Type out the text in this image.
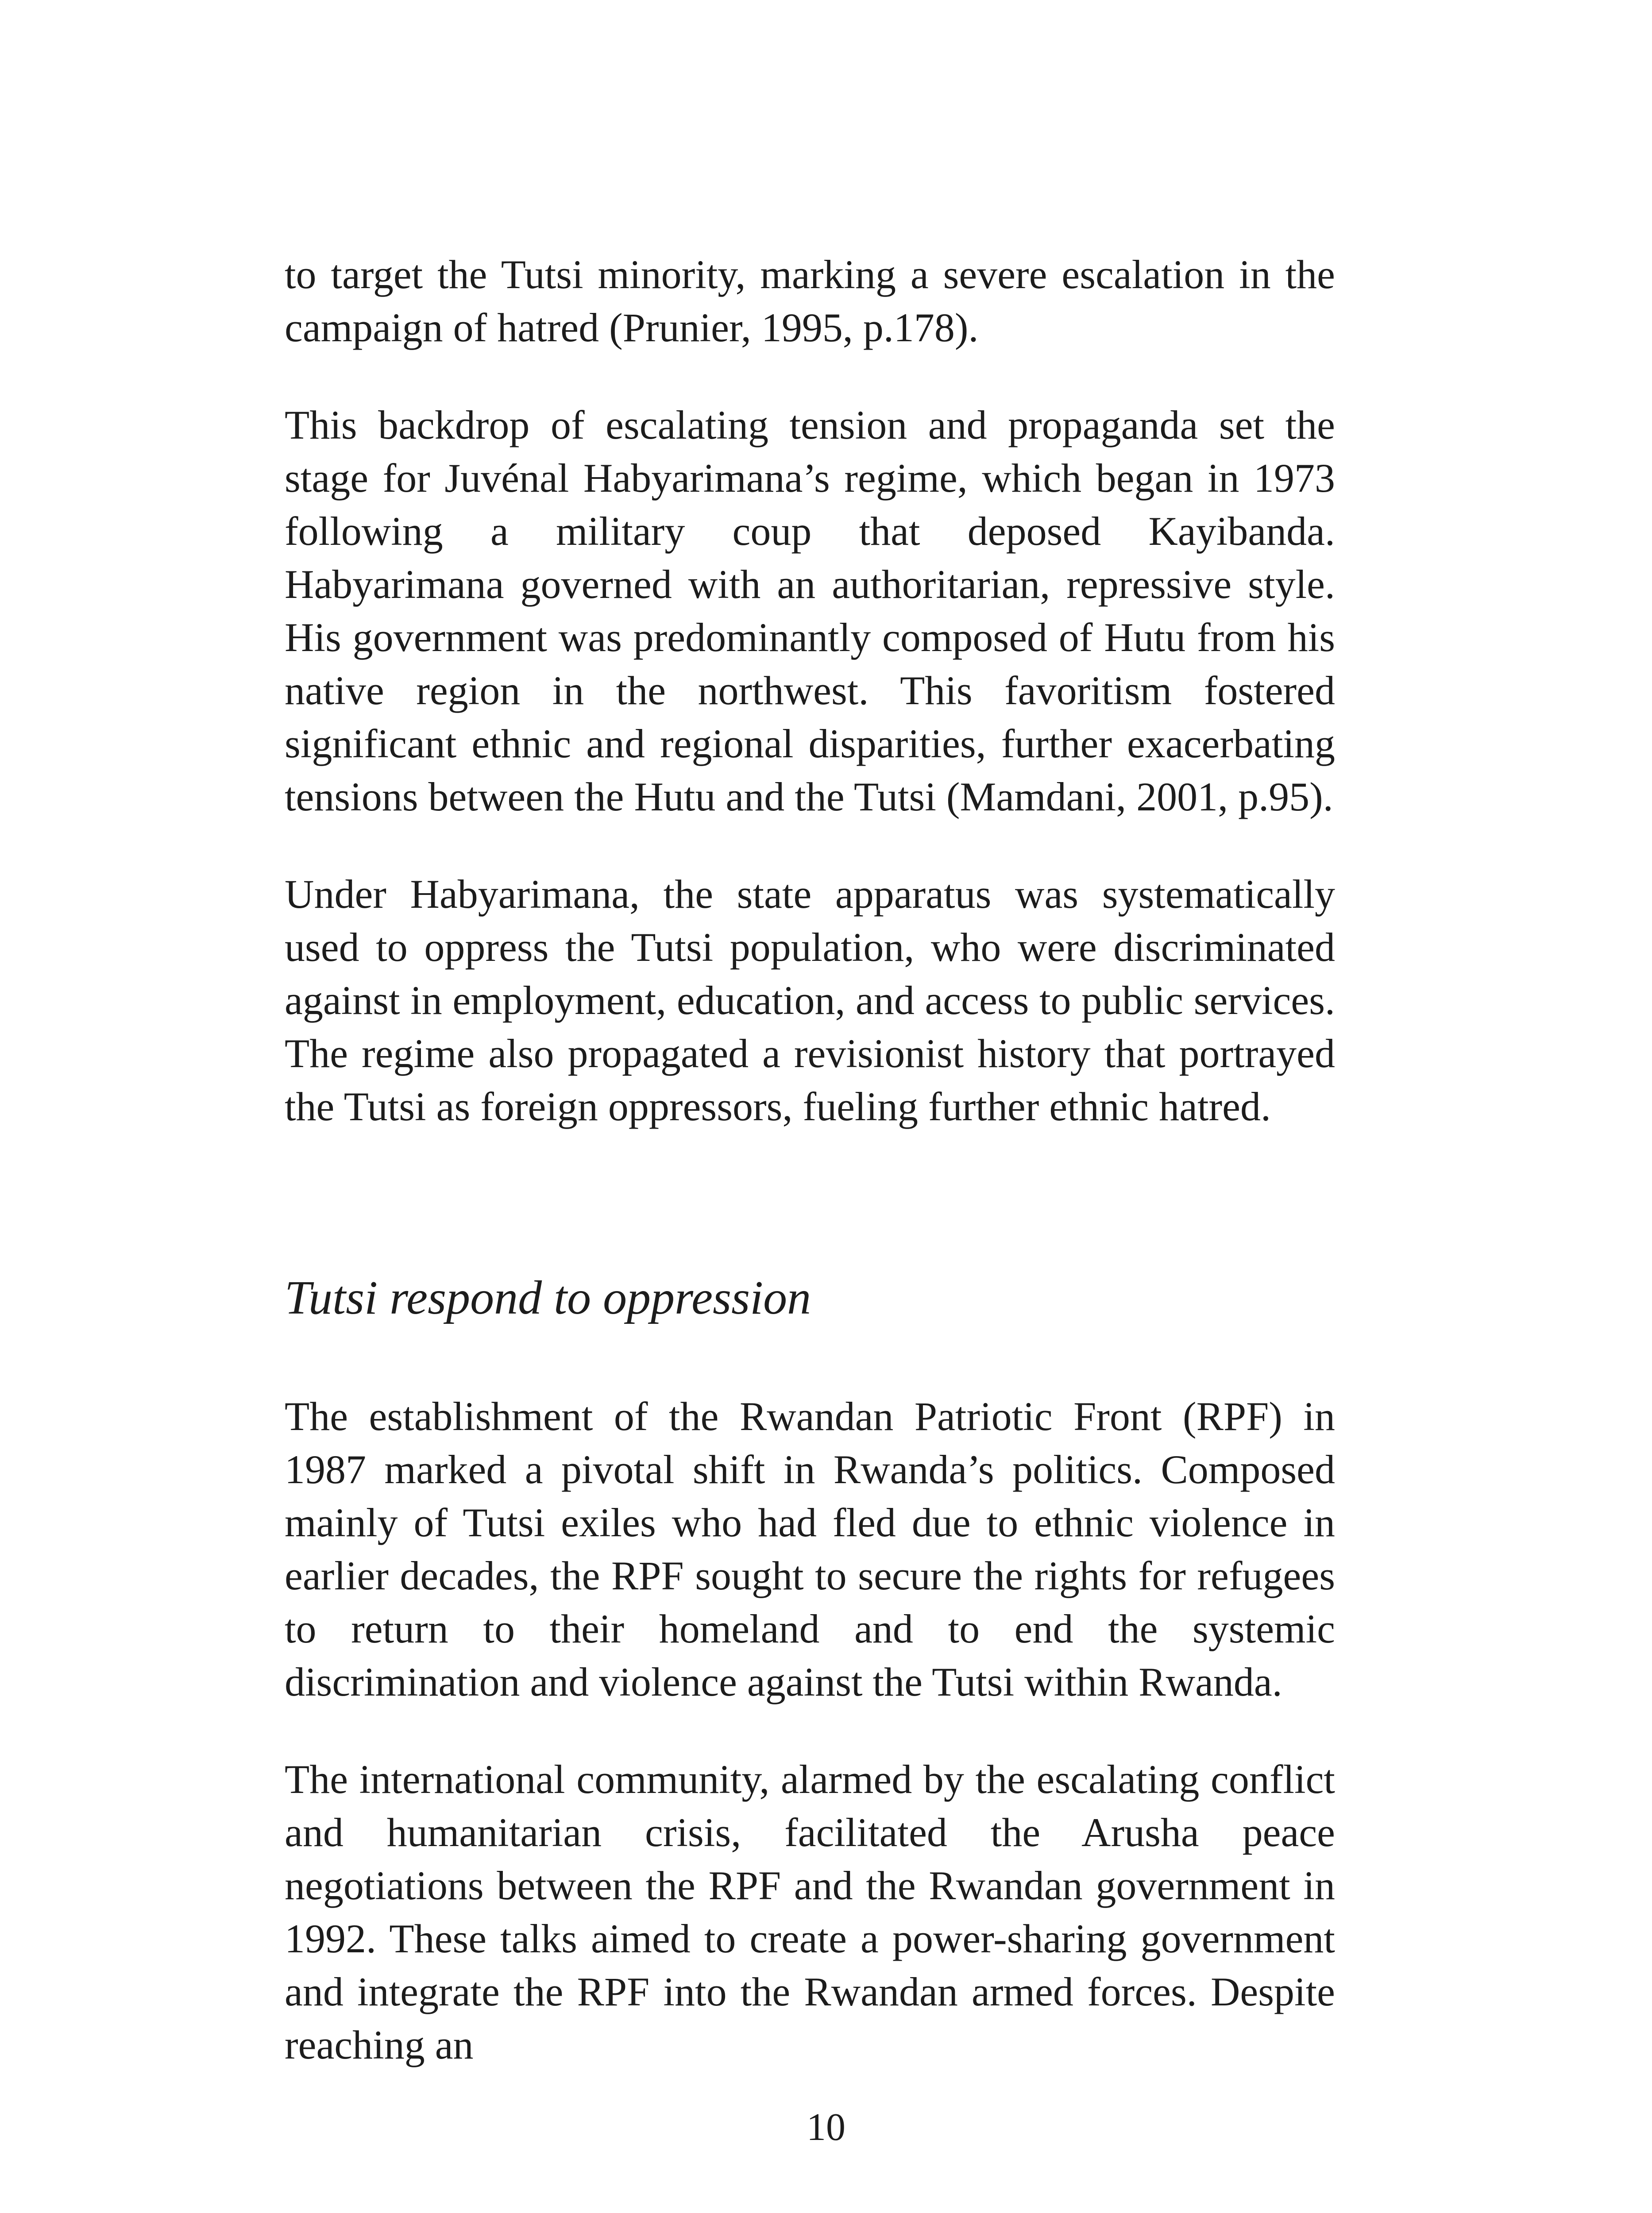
to target the Tutsi minority, marking a severe escalation in the campaign of hatred (Prunier, 1995, p.178).

This backdrop of escalating tension and propaganda set the stage for Juvénal Habyarimana’s regime, which began in 1973 following a military coup that deposed Kayibanda. Habyarimana governed with an authoritarian, repressive style. His government was predominantly composed of Hutu from his native region in the northwest. This favoritism fostered significant ethnic and regional disparities, further exacerbating tensions between the Hutu and the Tutsi (Mamdani, 2001, p.95).

Under Habyarimana, the state apparatus was systematically used to oppress the Tutsi population, who were discriminated against in employment, education, and access to public services. The regime also propagated a revisionist history that portrayed the Tutsi as foreign oppressors, fueling further ethnic hatred.

Tutsi respond to oppression

The establishment of the Rwandan Patriotic Front (RPF) in 1987 marked a pivotal shift in Rwanda’s politics. Composed mainly of Tutsi exiles who had fled due to ethnic violence in earlier decades, the RPF sought to secure the rights for refugees to return to their homeland and to end the systemic discrimination and violence against the Tutsi within Rwanda.

The international community, alarmed by the escalating conflict and humanitarian crisis, facilitated the Arusha peace negotiations between the RPF and the Rwandan government in 1992. These talks aimed to create a power-sharing government and integrate the RPF into the Rwandan armed forces. Despite reaching an

10
